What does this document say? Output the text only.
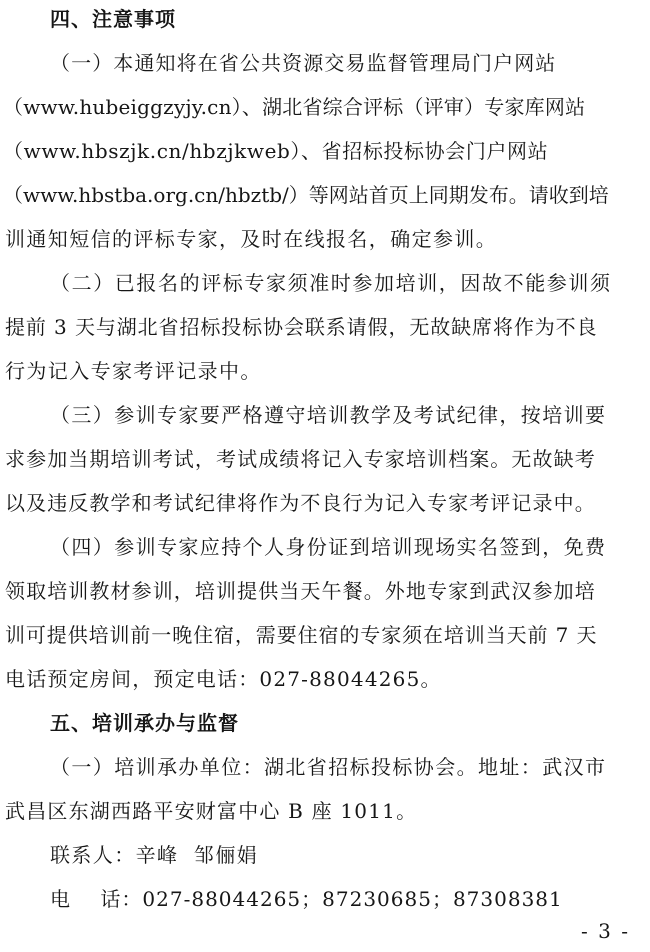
四、注意事项
（一）本通知将在省公共资源交易监督管理局门户网站
（www.hubeiggzyjy.cn）、湖北省综合评标（评审）专家库网站
（www.hbszjk.cn/hbzjkweb）、省招标投标协会门户网站
（www.hbstba.org.cn/hbztb/）等网站首页上同期发布。请收到培
训通知短信的评标专家，及时在线报名，确定参训。
（二）已报名的评标专家须准时参加培训，因故不能参训须
提前 3 天与湖北省招标投标协会联系请假，无故缺席将作为不良
行为记入专家考评记录中。
（三）参训专家要严格遵守培训教学及考试纪律，按培训要
求参加当期培训考试，考试成绩将记入专家培训档案。无故缺考
以及违反教学和考试纪律将作为不良行为记入专家考评记录中。
（四）参训专家应持个人身份证到培训现场实名签到，免费
领取培训教材参训，培训提供当天午餐。外地专家到武汉参加培
训可提供培训前一晚住宿，需要住宿的专家须在培训当天前 7 天
电话预定房间，预定电话：027-88044265。
五、培训承办与监督
（一）培训承办单位：湖北省招标投标协会。地址：武汉市
武昌区东湖西路平安财富中心 B 座 1011。
联系人：辛峰  邹俪娟
电    话：027-88044265；87230685；87308381
- 3 -
